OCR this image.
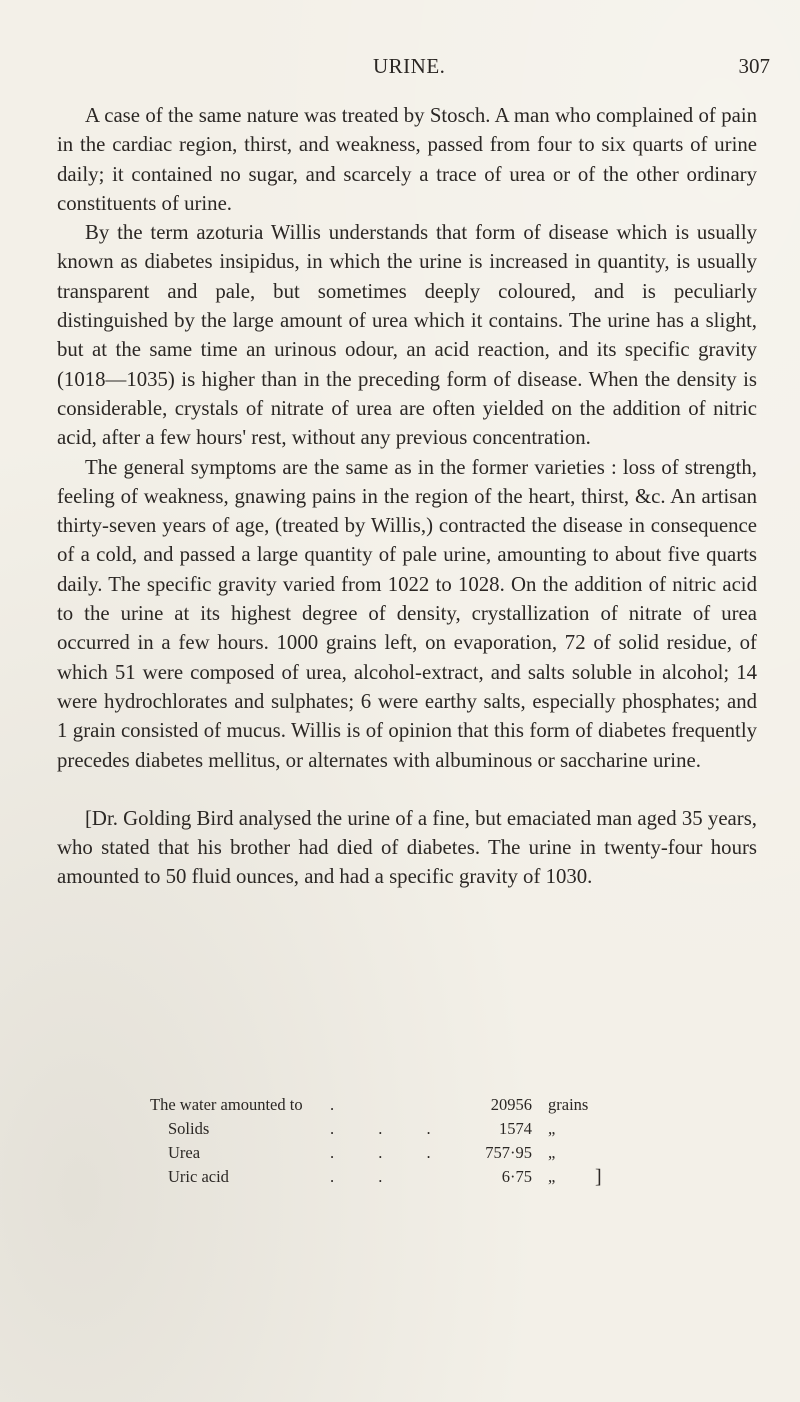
URINE.	307

A case of the same nature was treated by Stosch. A man who complained of pain in the cardiac region, thirst, and weakness, passed from four to six quarts of urine daily; it contained no sugar, and scarcely a trace of urea or of the other ordinary constituents of urine.

By the term azoturia Willis understands that form of disease which is usually known as diabetes insipidus, in which the urine is increased in quantity, is usually transparent and pale, but sometimes deeply coloured, and is peculiarly distinguished by the large amount of urea which it contains. The urine has a slight, but at the same time an urinous odour, an acid reaction, and its specific gravity (1018—1035) is higher than in the preceding form of disease. When the density is considerable, crystals of nitrate of urea are often yielded on the addition of nitric acid, after a few hours' rest, without any previous concentration.

The general symptoms are the same as in the former varieties : loss of strength, feeling of weakness, gnawing pains in the region of the heart, thirst, &c. An artisan thirty-seven years of age, (treated by Willis,) contracted the disease in consequence of a cold, and passed a large quantity of pale urine, amounting to about five quarts daily. The specific gravity varied from 1022 to 1028. On the addition of nitric acid to the urine at its highest degree of density, crystallization of nitrate of urea occurred in a few hours. 1000 grains left, on evaporation, 72 of solid residue, of which 51 were composed of urea, alcohol-extract, and salts soluble in alcohol; 14 were hydrochlorates and sulphates; 6 were earthy salts, especially phosphates; and 1 grain consisted of mucus. Willis is of opinion that this form of diabetes frequently precedes diabetes mellitus, or alternates with albuminous or saccharine urine.

[Dr. Golding Bird analysed the urine of a fine, but emaciated man aged 35 years, who stated that his brother had died of diabetes. The urine in twenty-four hours amounted to 50 fluid ounces, and had a specific gravity of 1030.

The water amounted to .	20956 grains
Solids	. . .	1574 „
Urea	. . .	757·95 „
Uric acid	. .	6·75 „ ]
